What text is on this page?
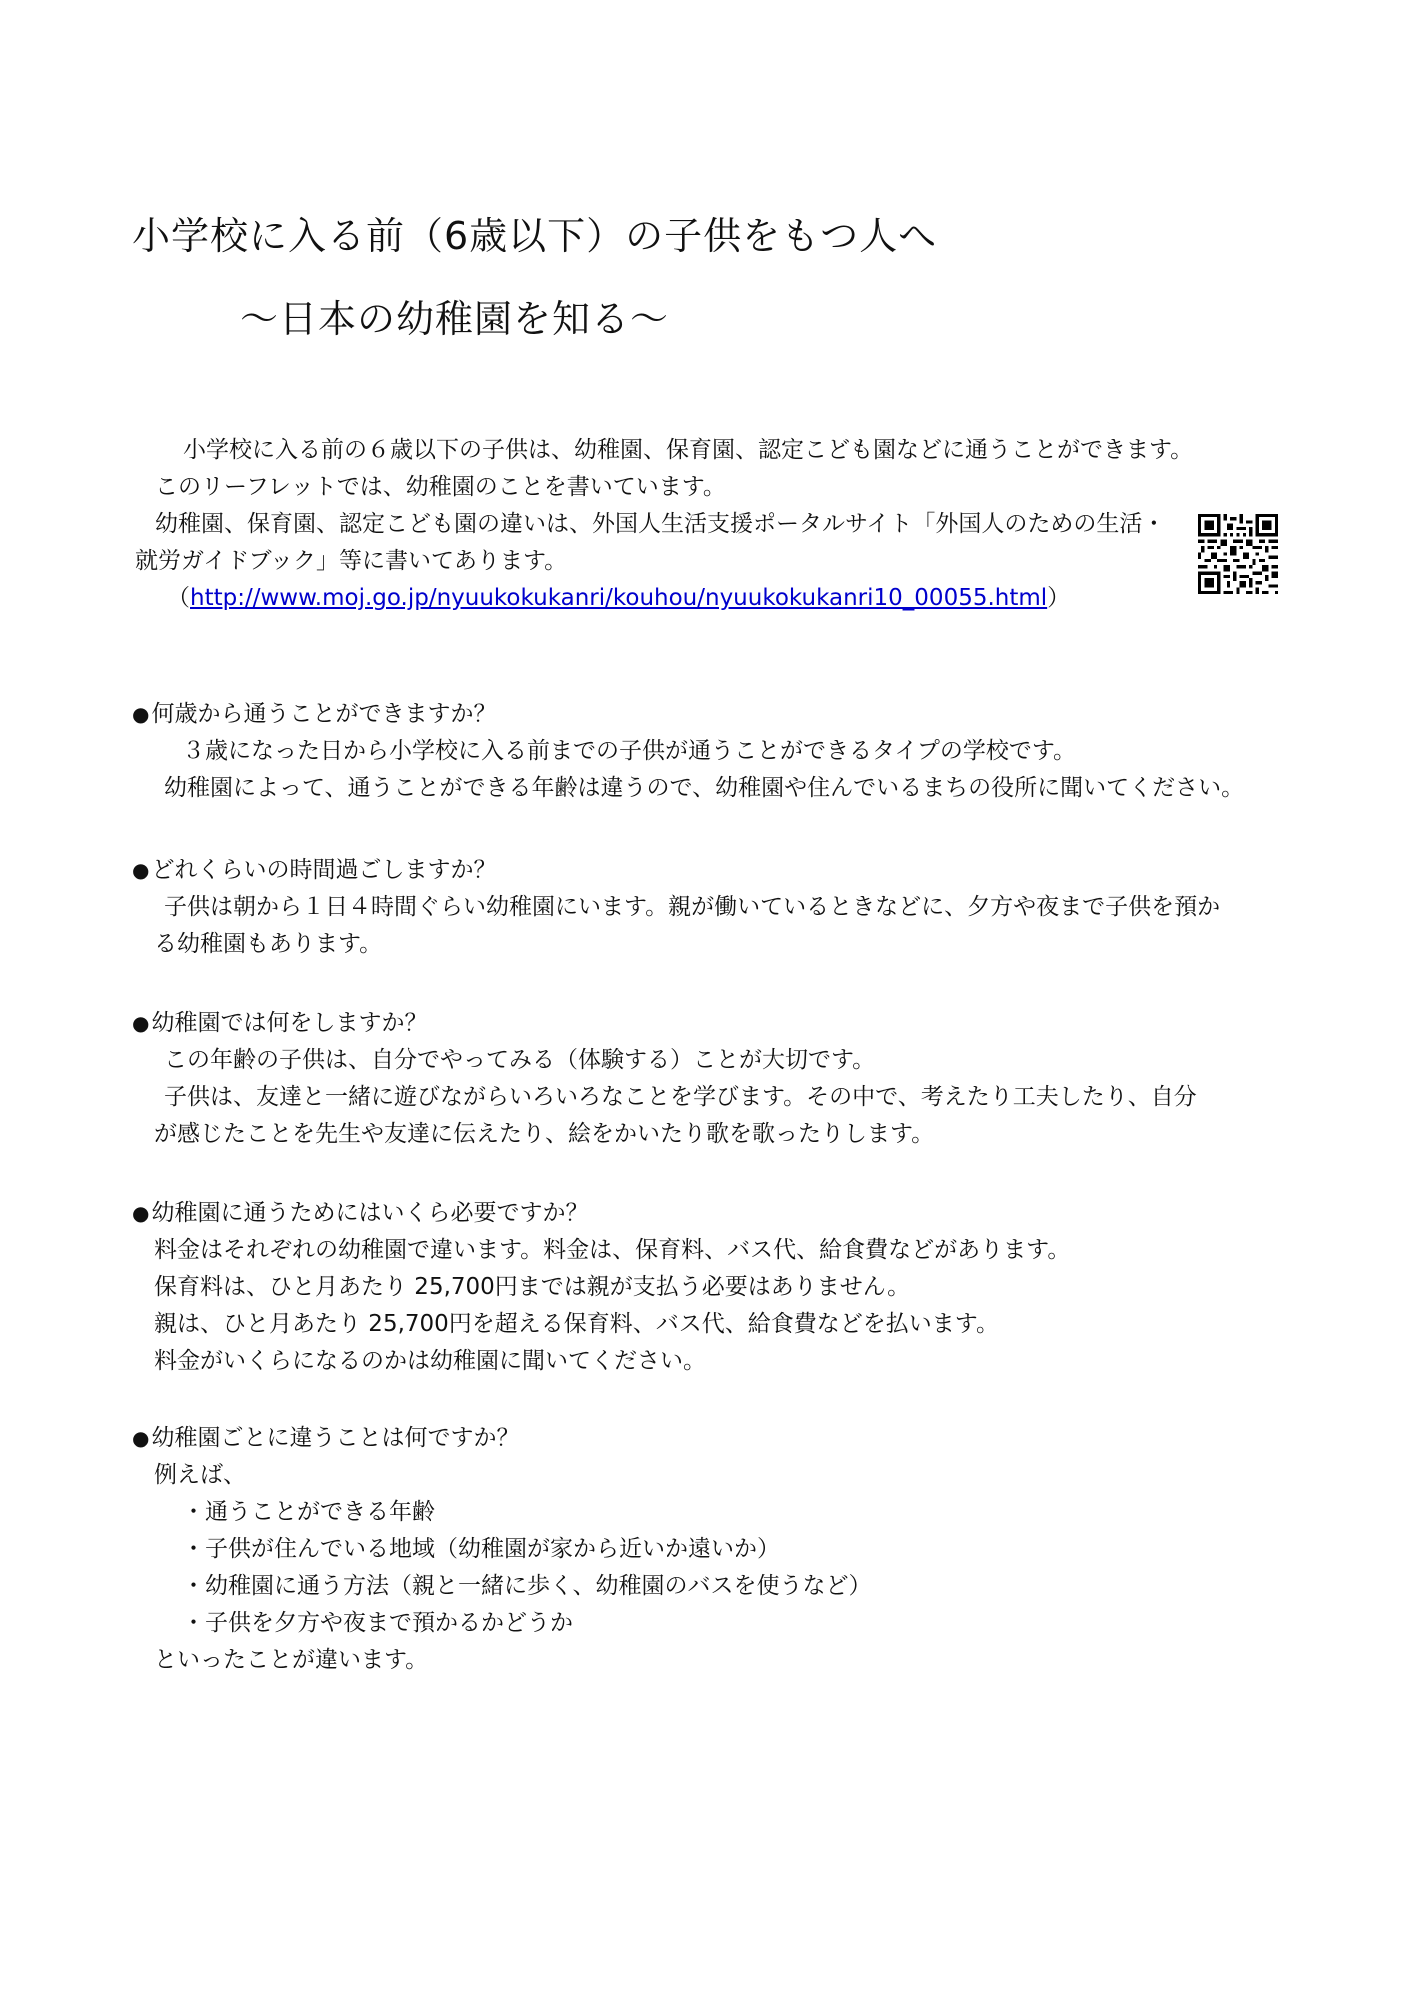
小学校に入る前（6歳以下）の子供をもつ人へ
〜日本の幼稚園を知る〜

小学校に入る前の６歳以下の子供は、幼稚園、保育園、認定こども園などに通うことができます。

このリーフレットでは、幼稚園のことを書いています。

幼稚園、保育園、認定こども園の違いは、外国人生活支援ポータルサイト「外国人のための生活・

就労ガイドブック」等に書いてあります。

（http://www.moj.go.jp/nyuukokukanri/kouhou/nyuukokukanri10_00055.html）

●何歳から通うことができますか？

３歳になった日から小学校に入る前までの子供が通うことができるタイプの学校です。

幼稚園によって、通うことができる年齢は違うので、幼稚園や住んでいるまちの役所に聞いてください。

●どれくらいの時間過ごしますか？

子供は朝から１日４時間ぐらい幼稚園にいます。親が働いているときなどに、夕方や夜まで子供を預か

る幼稚園もあります。

●幼稚園では何をしますか？

この年齢の子供は、自分でやってみる（体験する）ことが大切です。

子供は、友達と一緒に遊びながらいろいろなことを学びます。その中で、考えたり工夫したり、自分

が感じたことを先生や友達に伝えたり、絵をかいたり歌を歌ったりします。

●幼稚園に通うためにはいくら必要ですか？

料金はそれぞれの幼稚園で違います。料金は、保育料、バス代、給食費などがあります。

保育料は、ひと月あたり 25,700円までは親が支払う必要はありません。

親は、ひと月あたり 25,700円を超える保育料、バス代、給食費などを払います。

料金がいくらになるのかは幼稚園に聞いてください。

●幼稚園ごとに違うことは何ですか？

例えば、

・ 通うことができる年齢
・ 子供が住んでいる地域（幼稚園が家から近いか遠いか）
・ 幼稚園に通う方法（親と一緒に歩く、幼稚園のバスを使うなど）
・ 子供を夕方や夜まで預かるかどうか

といったことが違います。
